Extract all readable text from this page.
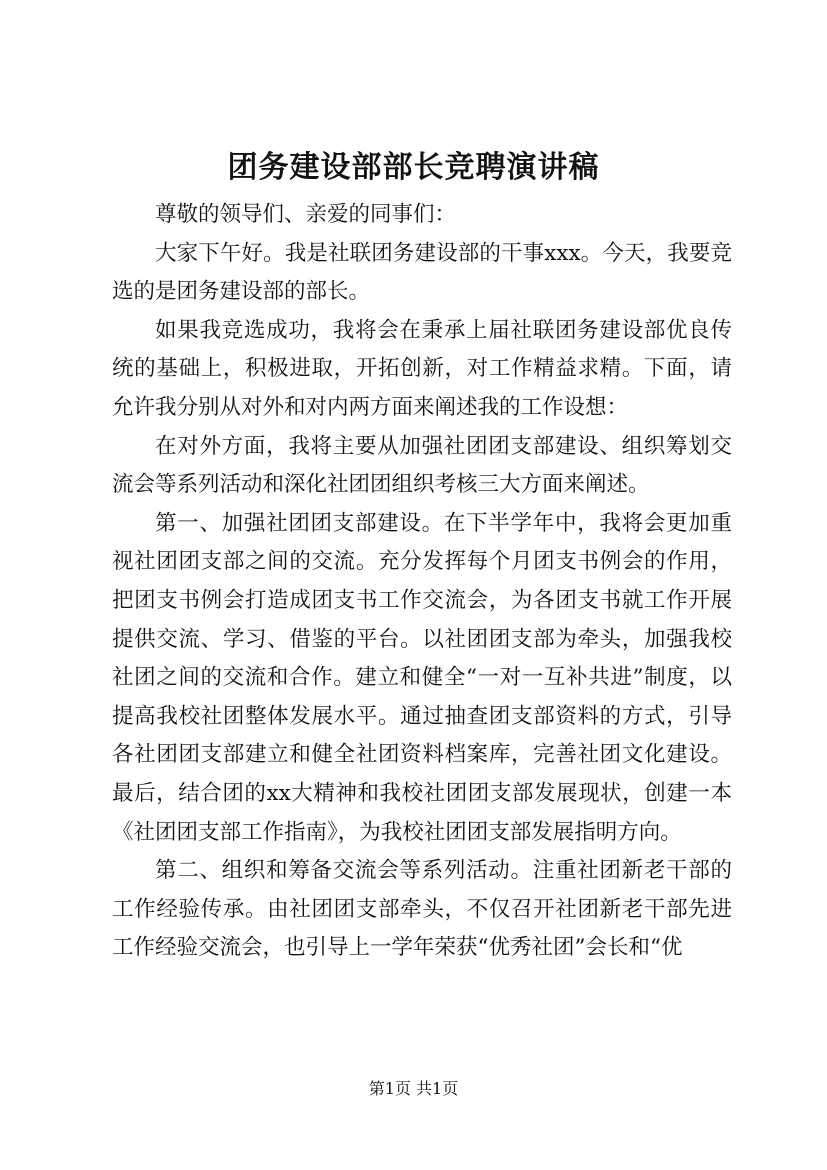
团务建设部部长竞聘演讲稿

尊敬的领导们、亲爱的同事们：

大家下午好。我是社联团务建设部的干事xxx。今天，我要竞选的是团务建设部的部长。

如果我竞选成功，我将会在秉承上届社联团务建设部优良传统的基础上，积极进取，开拓创新，对工作精益求精。下面，请允许我分别从对外和对内两方面来阐述我的工作设想：

在对外方面，我将主要从加强社团团支部建设、组织筹划交流会等系列活动和深化社团团组织考核三大方面来阐述。

第一、加强社团团支部建设。在下半学年中，我将会更加重视社团团支部之间的交流。充分发挥每个月团支书例会的作用，把团支书例会打造成团支书工作交流会，为各团支书就工作开展提供交流、学习、借鉴的平台。以社团团支部为牵头，加强我校社团之间的交流和合作。建立和健全“一对一互补共进”制度，以提高我校社团整体发展水平。通过抽查团支部资料的方式，引导各社团团支部建立和健全社团资料档案库，完善社团文化建设。最后，结合团的xx大精神和我校社团团支部发展现状，创建一本《社团团支部工作指南》，为我校社团团支部发展指明方向。

第二、组织和筹备交流会等系列活动。注重社团新老干部的工作经验传承。由社团团支部牵头，不仅召开社团新老干部先进工作经验交流会，也引导上一学年荣获“优秀社团”会长和“优

第1页 共1页
